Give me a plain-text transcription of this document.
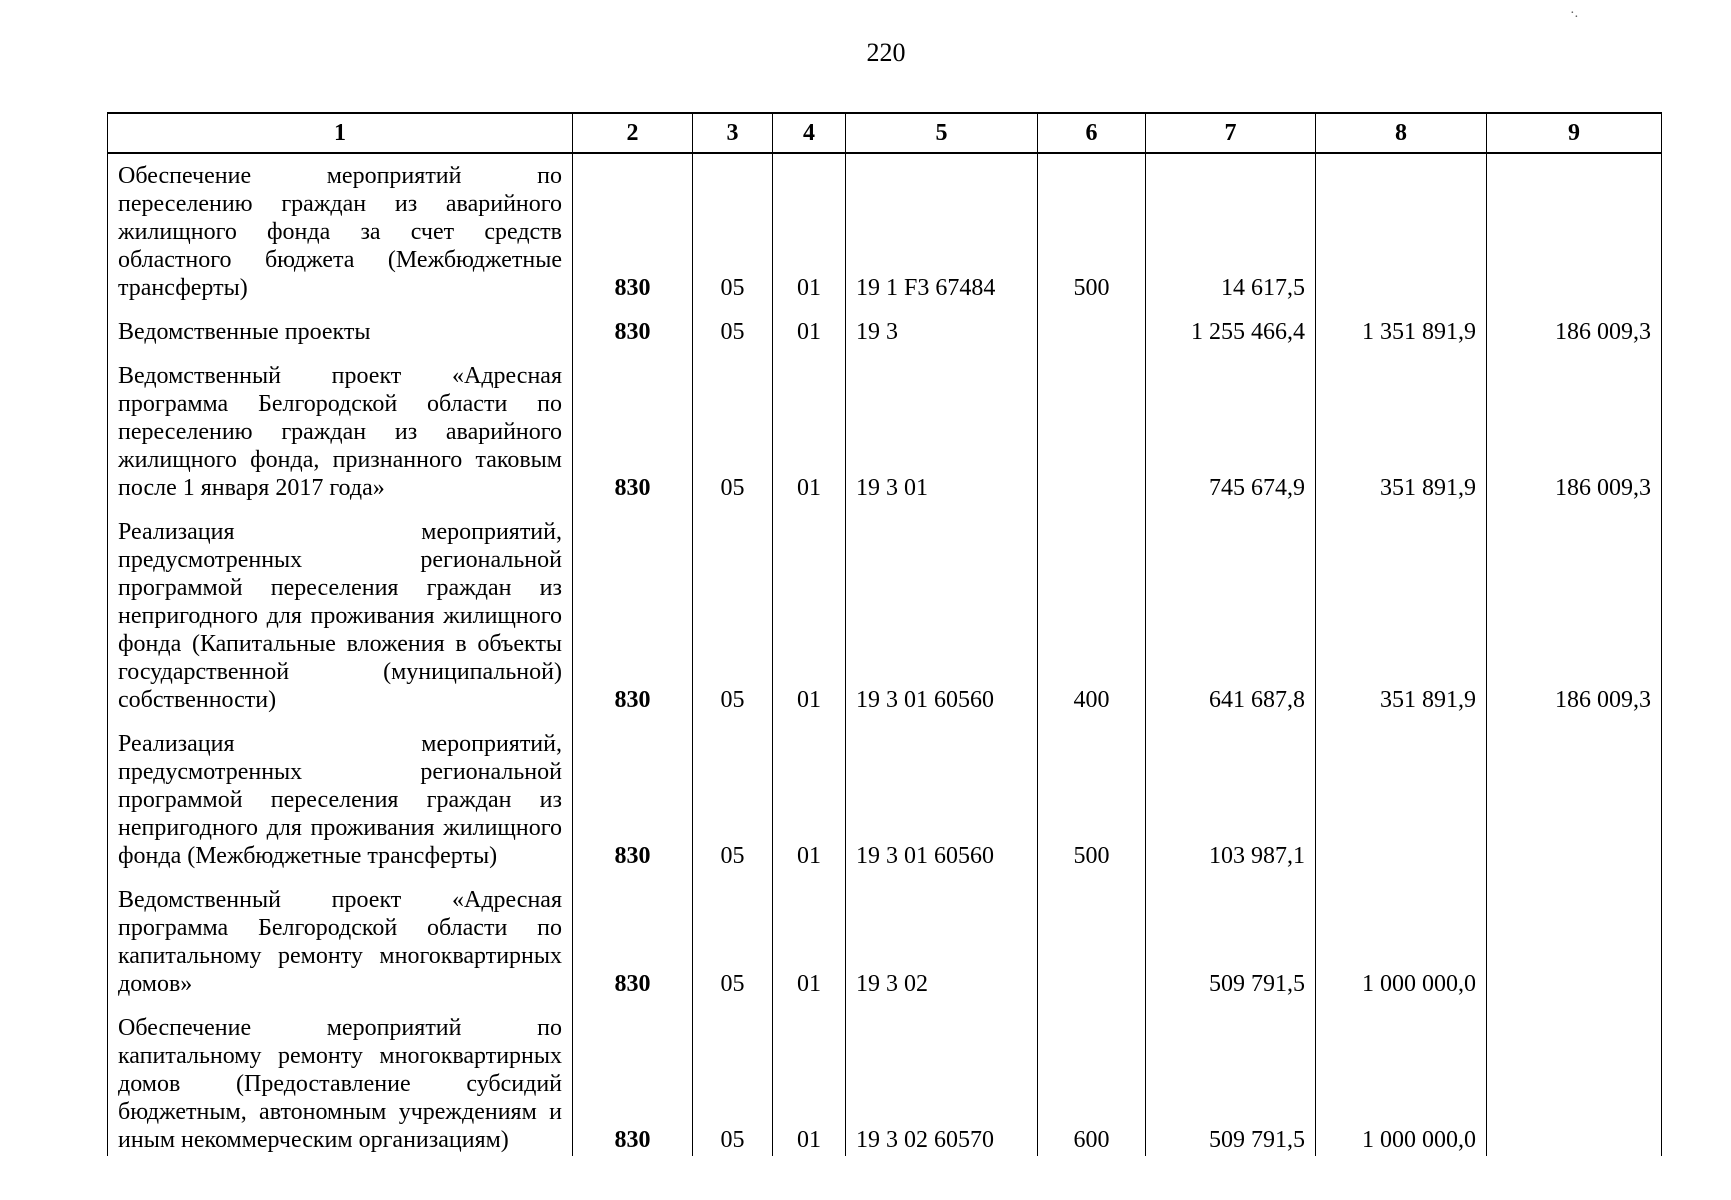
220
·.
1	2	3	4	5	6	7	8	9
Обеспечение мероприятий по переселению граждан из аварийного жилищного фонда за счет средств областного бюджета (Межбюджетные трансферты)	830	05	01	19 1 F3 67484	500	14 617,5		
Ведомственные проекты	830	05	01	19 3		1 255 466,4	1 351 891,9	186 009,3
Ведомственный проект «Адресная программа Белгородской области по переселению граждан из аварийного жилищного фонда, признанного таковым после 1 января 2017 года»	830	05	01	19 3 01		745 674,9	351 891,9	186 009,3
Реализация мероприятий, предусмотренных региональной программой переселения граждан из непригодного для проживания жилищного фонда (Капитальные вложения в объекты государственной (муниципальной) собственности)	830	05	01	19 3 01 60560	400	641 687,8	351 891,9	186 009,3
Реализация мероприятий, предусмотренных региональной программой переселения граждан из непригодного для проживания жилищного фонда (Межбюджетные трансферты)	830	05	01	19 3 01 60560	500	103 987,1		
Ведомственный проект «Адресная программа Белгородской области по капитальному ремонту многоквартирных домов»	830	05	01	19 3 02		509 791,5	1 000 000,0	
Обеспечение мероприятий по капитальному ремонту многоквартирных домов (Предоставление субсидий бюджетным, автономным учреждениям и иным некоммерческим организациям)	830	05	01	19 3 02 60570	600	509 791,5	1 000 000,0	
